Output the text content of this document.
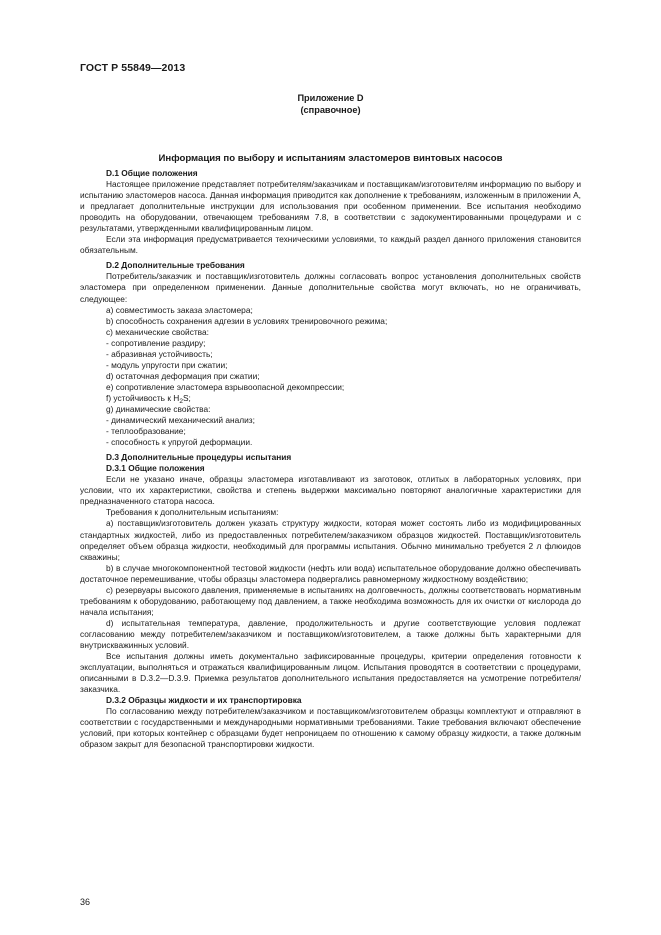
ГОСТ Р 55849—2013
Приложение D
(справочное)
Информация по выбору и испытаниям эластомеров винтовых насосов
D.1 Общие положения

Настоящее приложение представляет потребителям/заказчикам и поставщикам/изготовителям информацию по выбору и испытанию эластомеров насоса. Данная информация приводится как дополнение к требованиям, изложенным в приложении А, и предлагает дополнительные инструкции для использования при особенном применении. Все испытания необходимо проводить на оборудовании, отвечающем требованиям 7.8, в соответствии с задокументированными процедурами и с результатами, утвержденными квалифицированным лицом.

Если эта информация предусматривается техническими условиями, то каждый раздел данного приложения становится обязательным.

D.2 Дополнительные требования

Потребитель/заказчик и поставщик/изготовитель должны согласовать вопрос установления дополнительных свойств эластомера при определенном применении. Данные дополнительные свойства могут включать, но не ограничивать, следующее:

a) совместимость заказа эластомера;
b) способность сохранения адгезии в условиях тренировочного режима;
c) механические свойства:
- сопротивление раздиру;
- абразивная устойчивость;
- модуль упругости при сжатии;
d) остаточная деформация при сжатии;
e) сопротивление эластомера взрывоопасной декомпрессии;
f) устойчивость к $H_2S$;
g) динамические свойства:
- динамический механический анализ;
- теплообразование;
- способность к упругой деформации.
D.3 Дополнительные процедуры испытания
D.3.1 Общие положения

Если не указано иначе, образцы эластомера изготавливают из заготовок, отлитых в лабораторных условиях, при условии, что их характеристики, свойства и степень выдержки максимально повторяют аналогичные характеристики для предназначенного статора насоса.

Требования к дополнительным испытаниям:

a) поставщик/изготовитель должен указать структуру жидкости, которая может состоять либо из модифицированных стандартных жидкостей, либо из предоставленных потребителем/заказчиком образцов жидкостей. Поставщик/изготовитель определяет объем образца жидкости, необходимый для программы испытания. Обычно минимально требуется 2 л флюидов скважины;

b) в случае многокомпонентной тестовой жидкости (нефть или вода) испытательное оборудование должно обеспечивать достаточное перемешивание, чтобы образцы эластомера подвергались равномерному жидкостному воздействию;

c) резервуары высокого давления, применяемые в испытаниях на долговечность, должны соответствовать нормативным требованиям к оборудованию, работающему под давлением, а также необходима возможность для их очистки от кислорода до начала испытания;

d) испытательная температура, давление, продолжительность и другие соответствующие условия подлежат согласованию между потребителем/заказчиком и поставщиком/изготовителем, а также должны быть характерными для внутрискважинных условий.

Все испытания должны иметь документально зафиксированные процедуры, критерии определения готовности к эксплуатации, выполняться и отражаться квалифицированным лицом. Испытания проводятся в соответствии с процедурами, описанными в D.3.2—D.3.9. Приемка результатов дополнительного испытания предоставляется на усмотрение потребителя/заказчика.

D.3.2 Образцы жидкости и их транспортировка

По согласованию между потребителем/заказчиком и поставщиком/изготовителем образцы комплектуют и отправляют в соответствии с государственными и международными нормативными требованиями. Такие требования включают обеспечение условий, при которых контейнер с образцами будет непроницаем по отношению к самому образцу жидкости, а также должным образом закрыт для безопасной транспортировки жидкости.

36
